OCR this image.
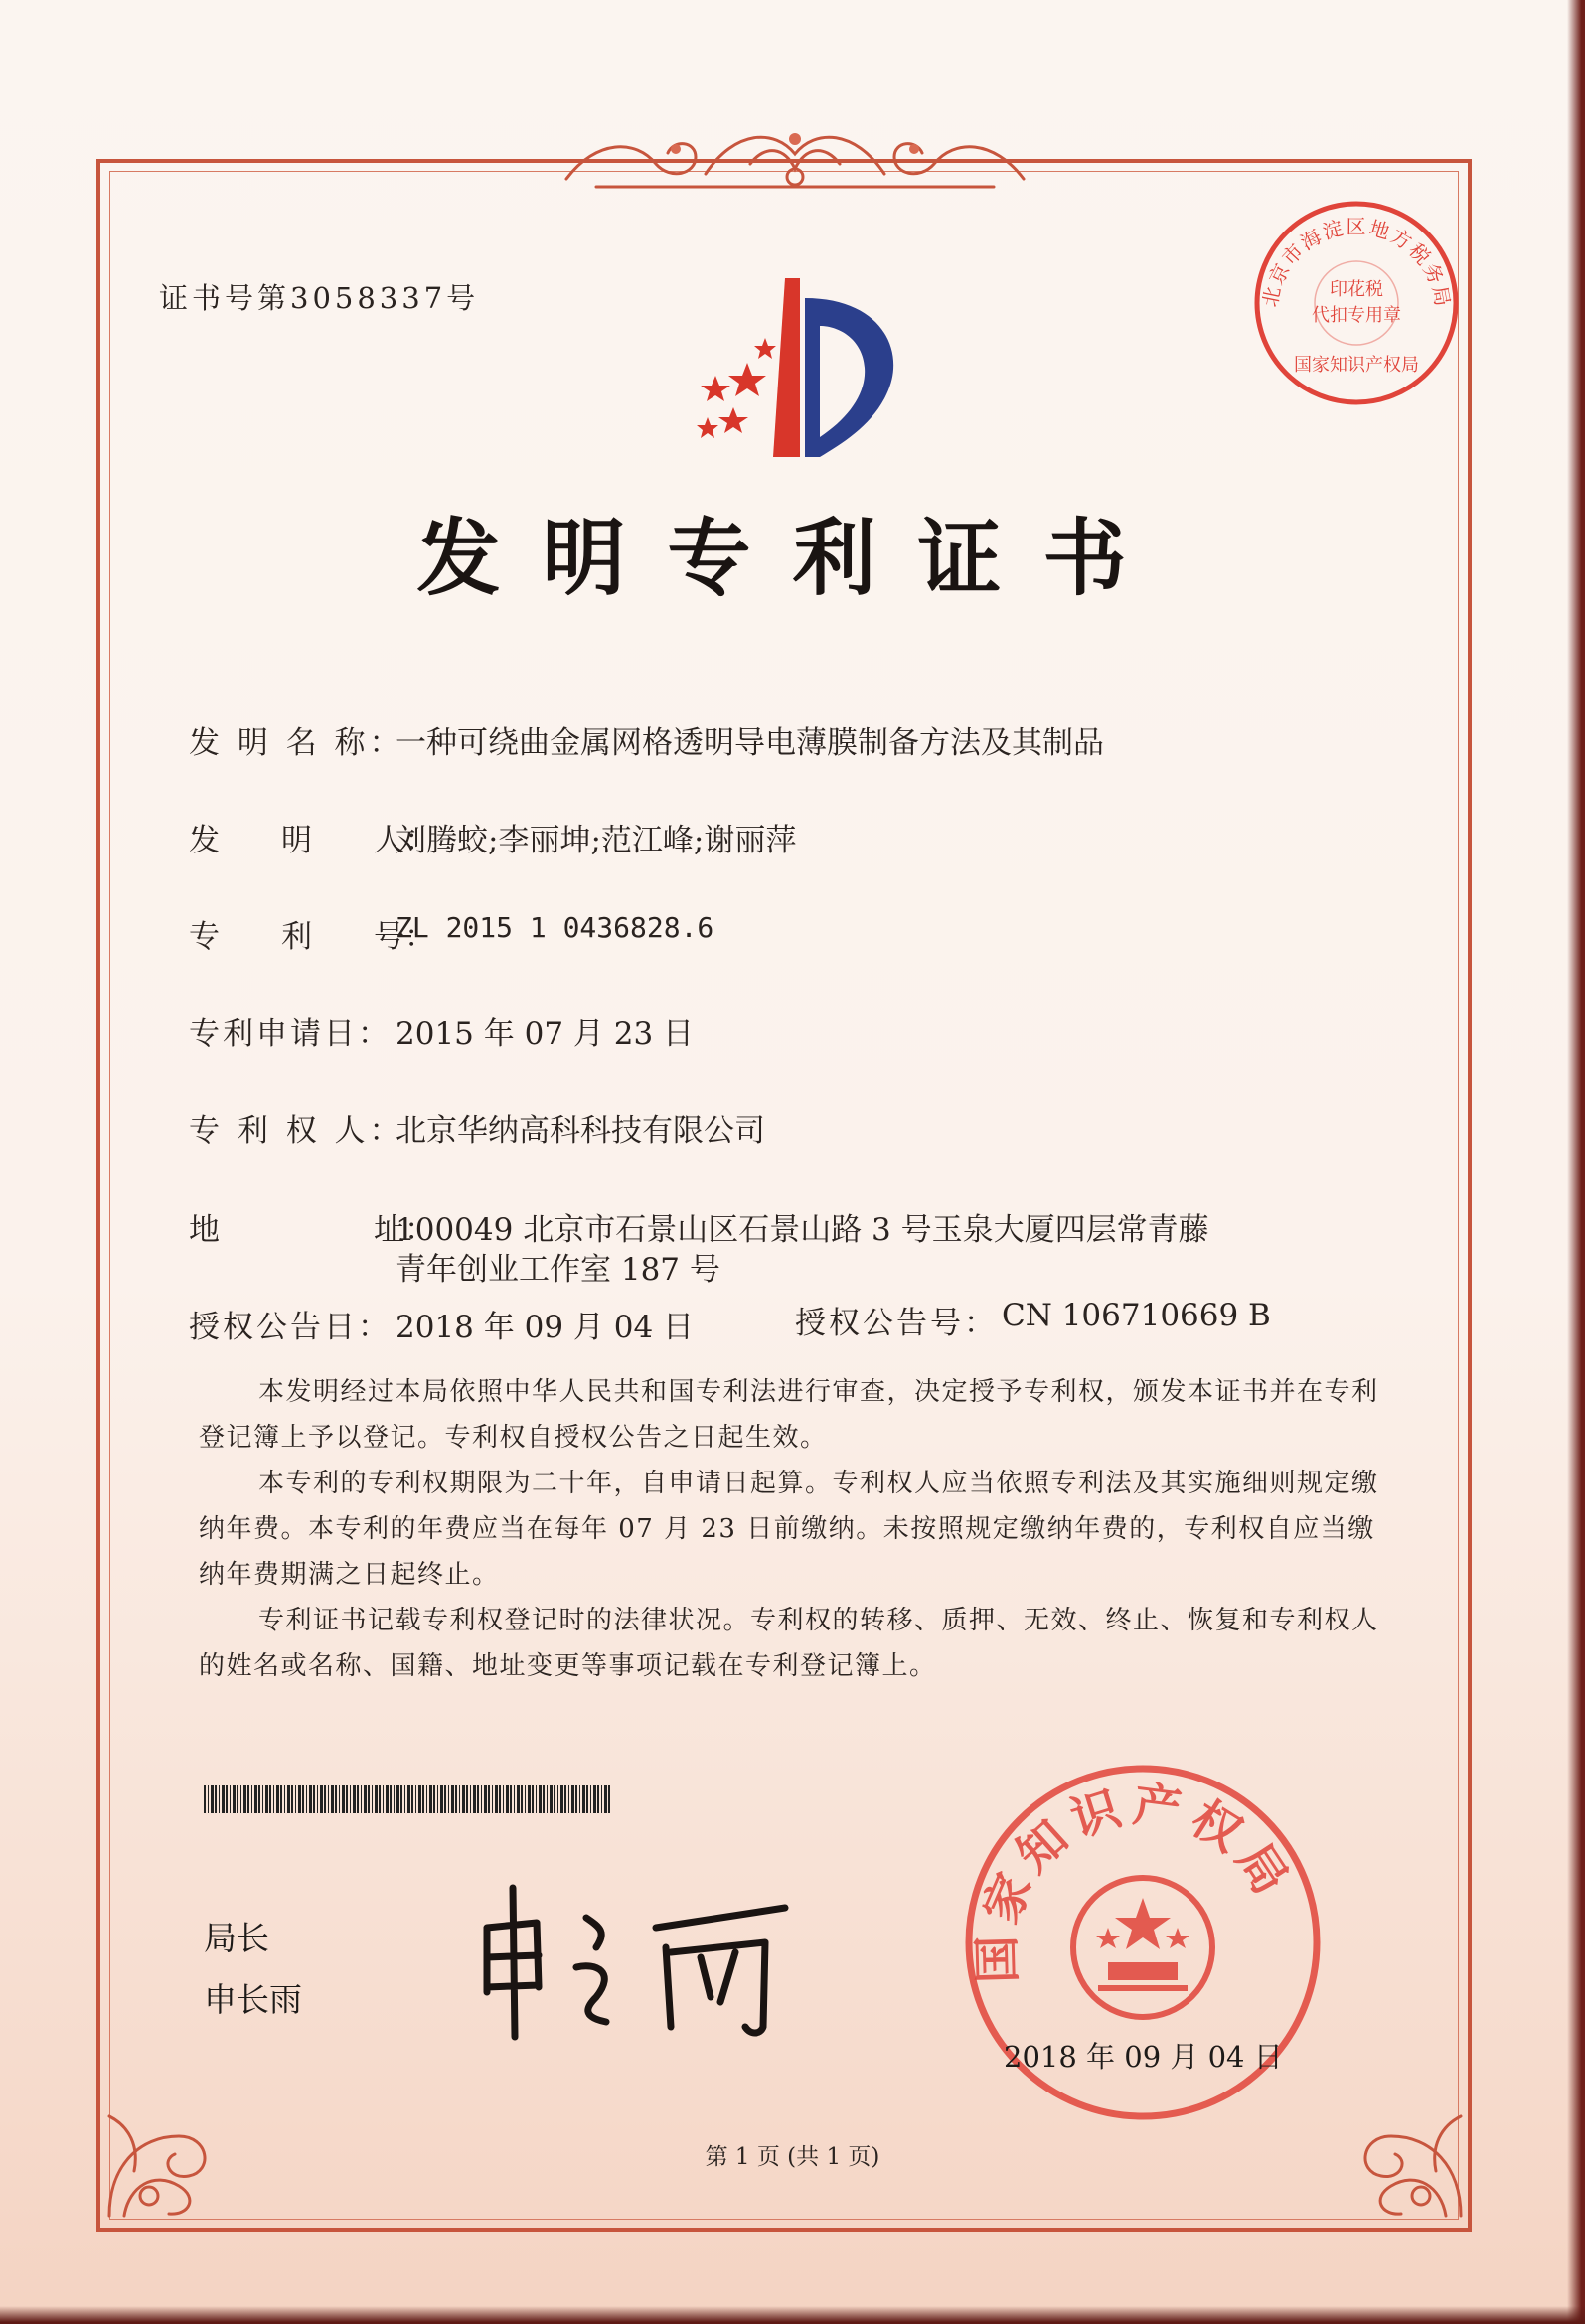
证书号第3058337号	北京市海淀区地方税务局
印花税
代扣专用章
国家知识产权局
发明专利证书
发 明 名 称：
一种可绕曲金属网格透明导电薄膜制备方法及其制品
发　　明　　人：
刘腾蛟;李丽坤;范江峰;谢丽萍
专　　利　　号：
ZL 2015 1 0436828.6
专利申请日： 2015 年 07 月 23 日
专 利 权 人：
北京华纳高科科技有限公司
地　　　　　址：
100049 北京市石景山区石景山路 3 号玉泉大厦四层常青藤
青年创业工作室 187 号
授权公告日： 2018 年 09 月 04 日	授权公告号： CN 106710669 B

本发明经过本局依照中华人民共和国专利法进行审查，决定授予专利权，颁发本证书并在专利登记簿上予以登记。专利权自授权公告之日起生效。

本专利的专利权期限为二十年，自申请日起算。专利权人应当依照专利法及其实施细则规定缴纳年费。本专利的年费应当在每年 07 月 23 日前缴纳。未按照规定缴纳年费的，专利权自应当缴纳年费期满之日起终止。

专利证书记载专利权登记时的法律状况。专利权的转移、质押、无效、终止、恢复和专利权人的姓名或名称、国籍、地址变更等事项记载在专利登记簿上。

局长
申长雨
国家知识产权局
2018 年 09 月 04 日
第 1 页 (共 1 页)
